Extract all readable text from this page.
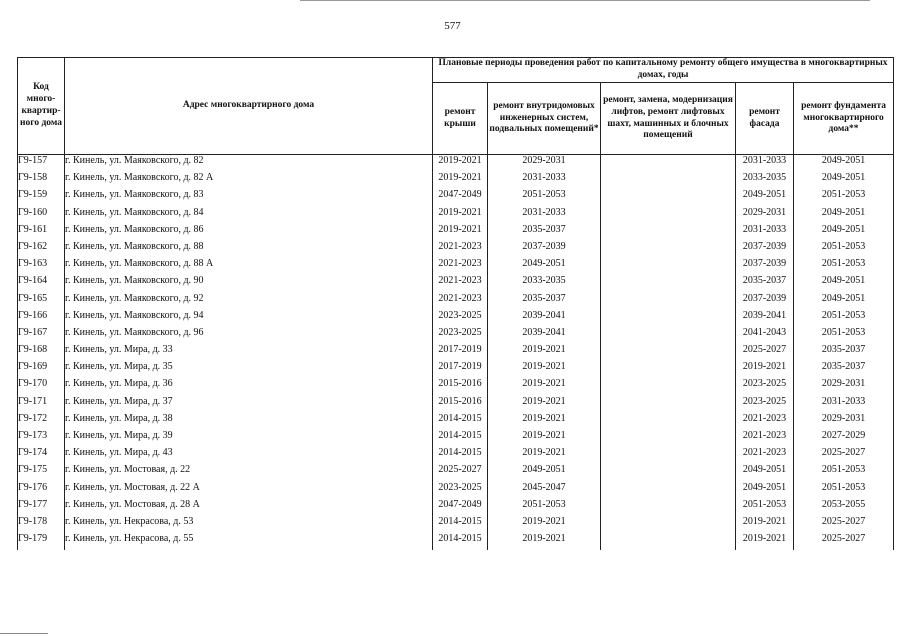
577
Код много-квартир-ного дома	Адрес многоквартирного дома	Плановые периоды проведения работ по капитальному ремонту общего имущества в многоквартирных домах, годы				
		ремонт крыши	ремонт внутридомовых инженерных систем, подвальных помещений*	ремонт, замена, модернизация лифтов, ремонт лифтовых шахт, машинных и блочных помещений	ремонт фасада	ремонт фундамента многоквартирного дома**
Г9-157	г. Кинель, ул. Маяковского, д. 82	2019-2021	2029-2031		2031-2033	2049-2051
Г9-158	г. Кинель, ул. Маяковского, д. 82 А	2019-2021	2031-2033		2033-2035	2049-2051
Г9-159	г. Кинель, ул. Маяковского, д. 83	2047-2049	2051-2053		2049-2051	2051-2053
Г9-160	г. Кинель, ул. Маяковского, д. 84	2019-2021	2031-2033		2029-2031	2049-2051
Г9-161	г. Кинель, ул. Маяковского, д. 86	2019-2021	2035-2037		2031-2033	2049-2051
Г9-162	г. Кинель, ул. Маяковского, д. 88	2021-2023	2037-2039		2037-2039	2051-2053
Г9-163	г. Кинель, ул. Маяковского, д. 88 А	2021-2023	2049-2051		2037-2039	2051-2053
Г9-164	г. Кинель, ул. Маяковского, д. 90	2021-2023	2033-2035		2035-2037	2049-2051
Г9-165	г. Кинель, ул. Маяковского, д. 92	2021-2023	2035-2037		2037-2039	2049-2051
Г9-166	г. Кинель, ул. Маяковского, д. 94	2023-2025	2039-2041		2039-2041	2051-2053
Г9-167	г. Кинель, ул. Маяковского, д. 96	2023-2025	2039-2041		2041-2043	2051-2053
Г9-168	г. Кинель, ул. Мира, д. 33	2017-2019	2019-2021		2025-2027	2035-2037
Г9-169	г. Кинель, ул. Мира, д. 35	2017-2019	2019-2021		2019-2021	2035-2037
Г9-170	г. Кинель, ул. Мира, д. 36	2015-2016	2019-2021		2023-2025	2029-2031
Г9-171	г. Кинель, ул. Мира, д. 37	2015-2016	2019-2021		2023-2025	2031-2033
Г9-172	г. Кинель, ул. Мира, д. 38	2014-2015	2019-2021		2021-2023	2029-2031
Г9-173	г. Кинель, ул. Мира, д. 39	2014-2015	2019-2021		2021-2023	2027-2029
Г9-174	г. Кинель, ул. Мира, д. 43	2014-2015	2019-2021		2021-2023	2025-2027
Г9-175	г. Кинель, ул. Мостовая, д. 22	2025-2027	2049-2051		2049-2051	2051-2053
Г9-176	г. Кинель, ул. Мостовая, д. 22 А	2023-2025	2045-2047		2049-2051	2051-2053
Г9-177	г. Кинель, ул. Мостовая, д. 28 А	2047-2049	2051-2053		2051-2053	2053-2055
Г9-178	г. Кинель, ул. Некрасова, д. 53	2014-2015	2019-2021		2019-2021	2025-2027
Г9-179	г. Кинель, ул. Некрасова, д. 55	2014-2015	2019-2021		2019-2021	2025-2027
